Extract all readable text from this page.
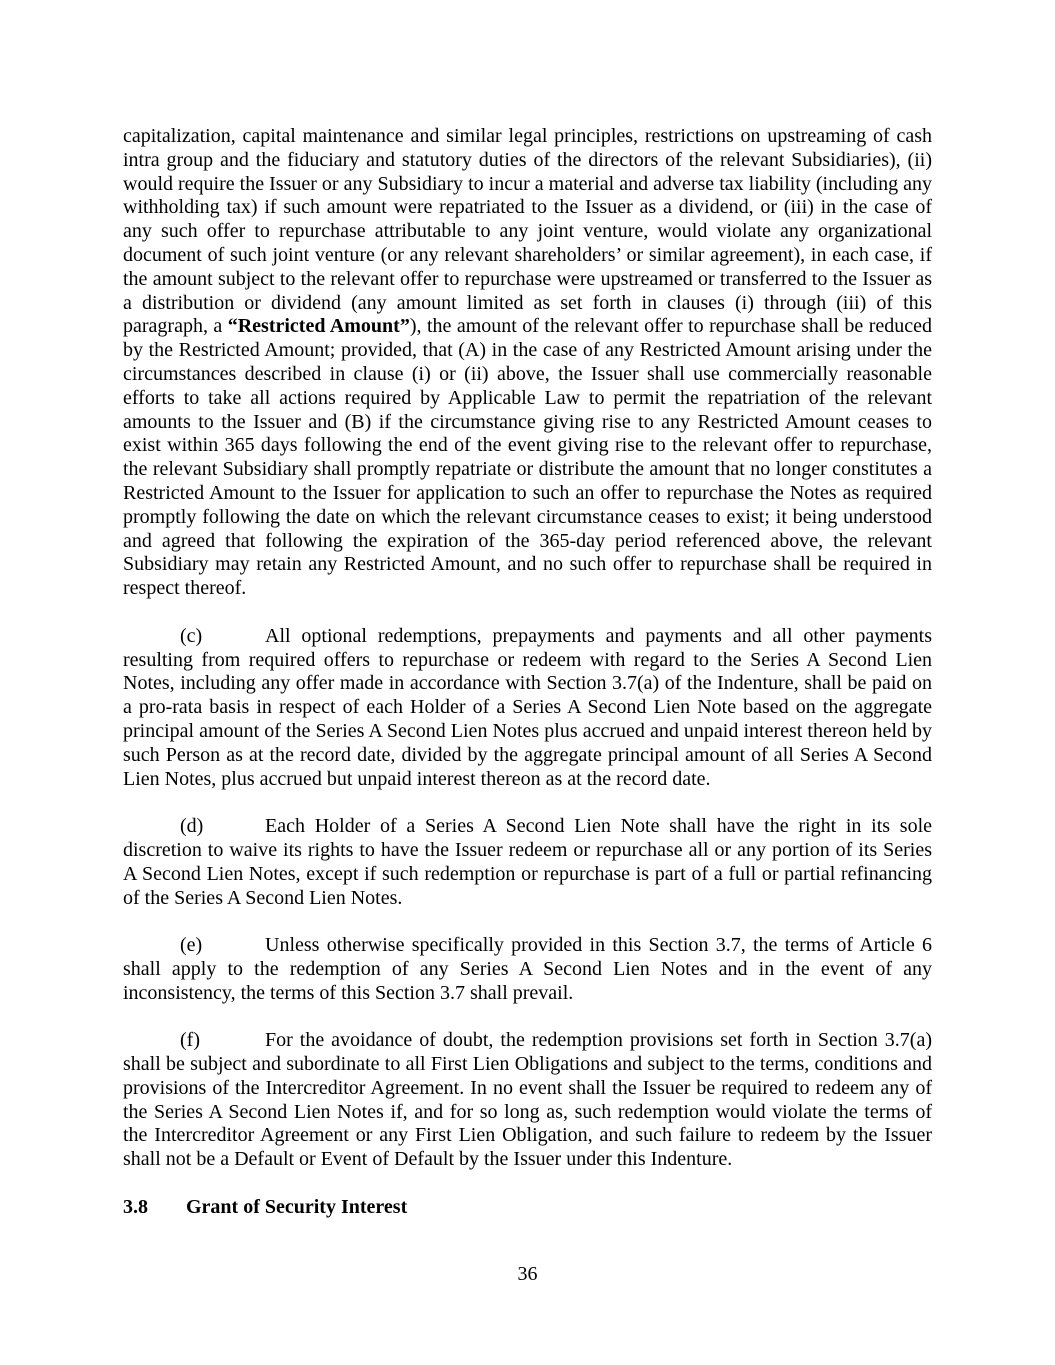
capitalization, capital maintenance and similar legal principles, restrictions on upstreaming of cash intra group and the fiduciary and statutory duties of the directors of the relevant Subsidiaries), (ii) would require the Issuer or any Subsidiary to incur a material and adverse tax liability (including any withholding tax) if such amount were repatriated to the Issuer as a dividend, or (iii) in the case of any such offer to repurchase attributable to any joint venture, would violate any organizational document of such joint venture (or any relevant shareholders’ or similar agreement), in each case, if the amount subject to the relevant offer to repurchase were upstreamed or transferred to the Issuer as a distribution or dividend (any amount limited as set forth in clauses (i) through (iii) of this paragraph, a “Restricted Amount”), the amount of the relevant offer to repurchase shall be reduced by the Restricted Amount; provided, that (A) in the case of any Restricted Amount arising under the circumstances described in clause (i) or (ii) above, the Issuer shall use commercially reasonable efforts to take all actions required by Applicable Law to permit the repatriation of the relevant amounts to the Issuer and (B) if the circumstance giving rise to any Restricted Amount ceases to exist within 365 days following the end of the event giving rise to the relevant offer to repurchase, the relevant Subsidiary shall promptly repatriate or distribute the amount that no longer constitutes a Restricted Amount to the Issuer for application to such an offer to repurchase the Notes as required promptly following the date on which the relevant circumstance ceases to exist; it being understood and agreed that following the expiration of the 365-day period referenced above, the relevant Subsidiary may retain any Restricted Amount, and no such offer to repurchase shall be required in respect thereof.

(c)	All optional redemptions, prepayments and payments and all other payments resulting from required offers to repurchase or redeem with regard to the Series A Second Lien Notes, including any offer made in accordance with Section 3.7(a) of the Indenture, shall be paid on a pro-rata basis in respect of each Holder of a Series A Second Lien Note based on the aggregate principal amount of the Series A Second Lien Notes plus accrued and unpaid interest thereon held by such Person as at the record date, divided by the aggregate principal amount of all Series A Second Lien Notes, plus accrued but unpaid interest thereon as at the record date.

(d)	Each Holder of a Series A Second Lien Note shall have the right in its sole discretion to waive its rights to have the Issuer redeem or repurchase all or any portion of its Series A Second Lien Notes, except if such redemption or repurchase is part of a full or partial refinancing of the Series A Second Lien Notes.

(e)	Unless otherwise specifically provided in this Section 3.7, the terms of Article 6 shall apply to the redemption of any Series A Second Lien Notes and in the event of any inconsistency, the terms of this Section 3.7 shall prevail.

(f)	For the avoidance of doubt, the redemption provisions set forth in Section 3.7(a) shall be subject and subordinate to all First Lien Obligations and subject to the terms, conditions and provisions of the Intercreditor Agreement. In no event shall the Issuer be required to redeem any of the Series A Second Lien Notes if, and for so long as, such redemption would violate the terms of the Intercreditor Agreement or any First Lien Obligation, and such failure to redeem by the Issuer shall not be a Default or Event of Default by the Issuer under this Indenture.

3.8 Grant of Security Interest
36
